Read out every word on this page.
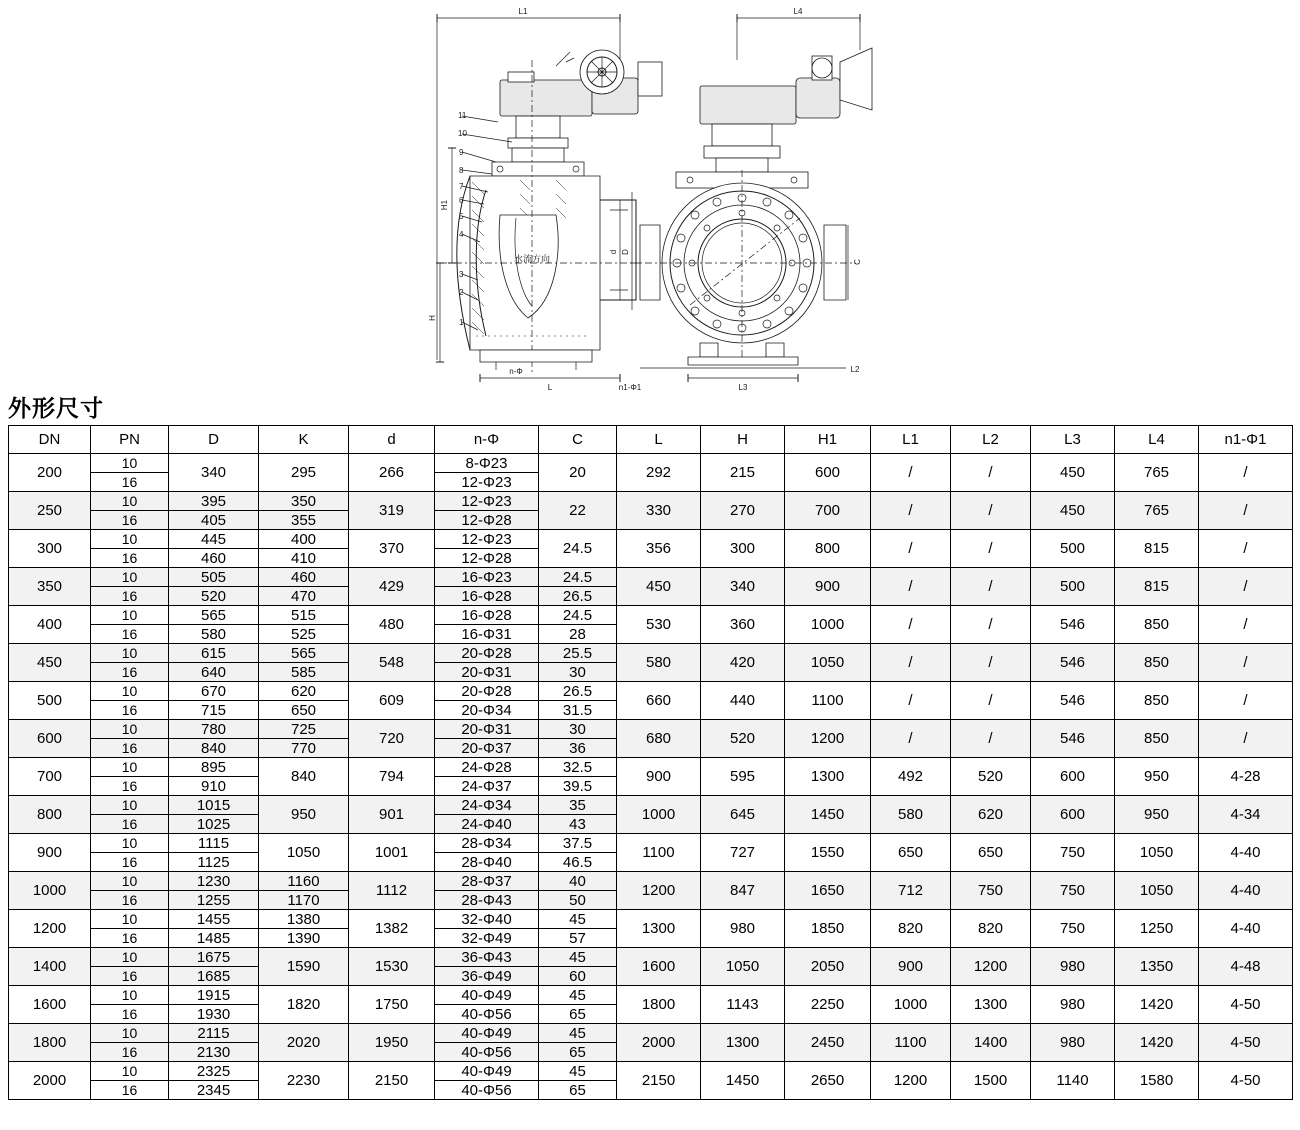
L1
水流方向
L
n-Φ
n1-Φ1
H1
H
d D
11
10
9
8
7
6
5
4
3
2
1
L4
L3
L2
C
外形尺寸
DN	PN	D	K	d	n-Φ	C	L	H	H1	L1	L2	L3	L4	n1-Φ1
200	10	340	295	266	8-Φ23	20	292	215	600	/	/	450	765	/
	16				12-Φ23									
250	10	395	350	319	12-Φ23	22	330	270	700	/	/	450	765	/
	16	405	355		12-Φ28									
300	10	445	400	370	12-Φ23	24.5	356	300	800	/	/	500	815	/
	16	460	410		12-Φ28									
350	10	505	460	429	16-Φ23	24.5	450	340	900	/	/	500	815	/
	16	520	470		16-Φ28	26.5								
400	10	565	515	480	16-Φ28	24.5	530	360	1000	/	/	546	850	/
	16	580	525		16-Φ31	28								
450	10	615	565	548	20-Φ28	25.5	580	420	1050	/	/	546	850	/
	16	640	585		20-Φ31	30								
500	10	670	620	609	20-Φ28	26.5	660	440	1100	/	/	546	850	/
	16	715	650		20-Φ34	31.5								
600	10	780	725	720	20-Φ31	30	680	520	1200	/	/	546	850	/
	16	840	770		20-Φ37	36								
700	10	895	840	794	24-Φ28	32.5	900	595	1300	492	520	600	950	4-28
	16	910			24-Φ37	39.5								
800	10	1015	950	901	24-Φ34	35	1000	645	1450	580	620	600	950	4-34
	16	1025			24-Φ40	43								
900	10	1115	1050	1001	28-Φ34	37.5	1100	727	1550	650	650	750	1050	4-40
	16	1125			28-Φ40	46.5								
1000	10	1230	1160	1112	28-Φ37	40	1200	847	1650	712	750	750	1050	4-40
	16	1255	1170		28-Φ43	50								
1200	10	1455	1380	1382	32-Φ40	45	1300	980	1850	820	820	750	1250	4-40
	16	1485	1390		32-Φ49	57								
1400	10	1675	1590	1530	36-Φ43	45	1600	1050	2050	900	1200	980	1350	4-48
	16	1685			36-Φ49	60								
1600	10	1915	1820	1750	40-Φ49	45	1800	1143	2250	1000	1300	980	1420	4-50
	16	1930			40-Φ56	65								
1800	10	2115	2020	1950	40-Φ49	45	2000	1300	2450	1100	1400	980	1420	4-50
	16	2130			40-Φ56	65								
2000	10	2325	2230	2150	40-Φ49	45	2150	1450	2650	1200	1500	1140	1580	4-50
	16	2345			40-Φ56	65								
